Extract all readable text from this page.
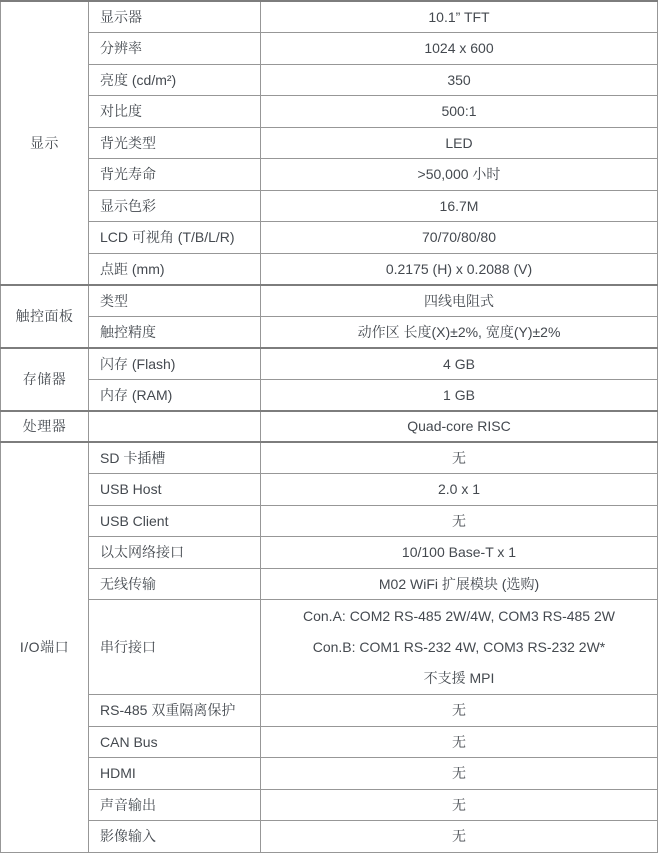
显示	显示器	10.1” TFT
	分辨率	1024 x 600
	亮度 (cd/m²)	350
	对比度	500:1
	背光类型	LED
	背光寿命	>50,000 小时
	显示色彩	16.7M
	LCD 可视角 (T/B/L/R)	70/70/80/80
	点距 (mm)	0.2175 (H) x 0.2088 (V)
触控面板	类型	四线电阻式
	触控精度	动作区 长度(X)±2%, 宽度(Y)±2%
存储器	闪存 (Flash)	4 GB
	内存 (RAM)	1 GB
处理器		Quad-core RISC
I/O端口	SD 卡插槽	无
	USB Host	2.0 x 1
	USB Client	无
	以太网络接口	10/100 Base-T x 1
	无线传输	M02 WiFi 扩展模块 (选购)
	串行接口	Con.A: COM2 RS-485 2W/4W, COM3 RS-485 2W
Con.B: COM1 RS-232 4W, COM3 RS-232 2W*
不支援 MPI

	RS-485 双重隔离保护	无
	CAN Bus	无
	HDMI	无
	声音输出	无
	影像输入	无
